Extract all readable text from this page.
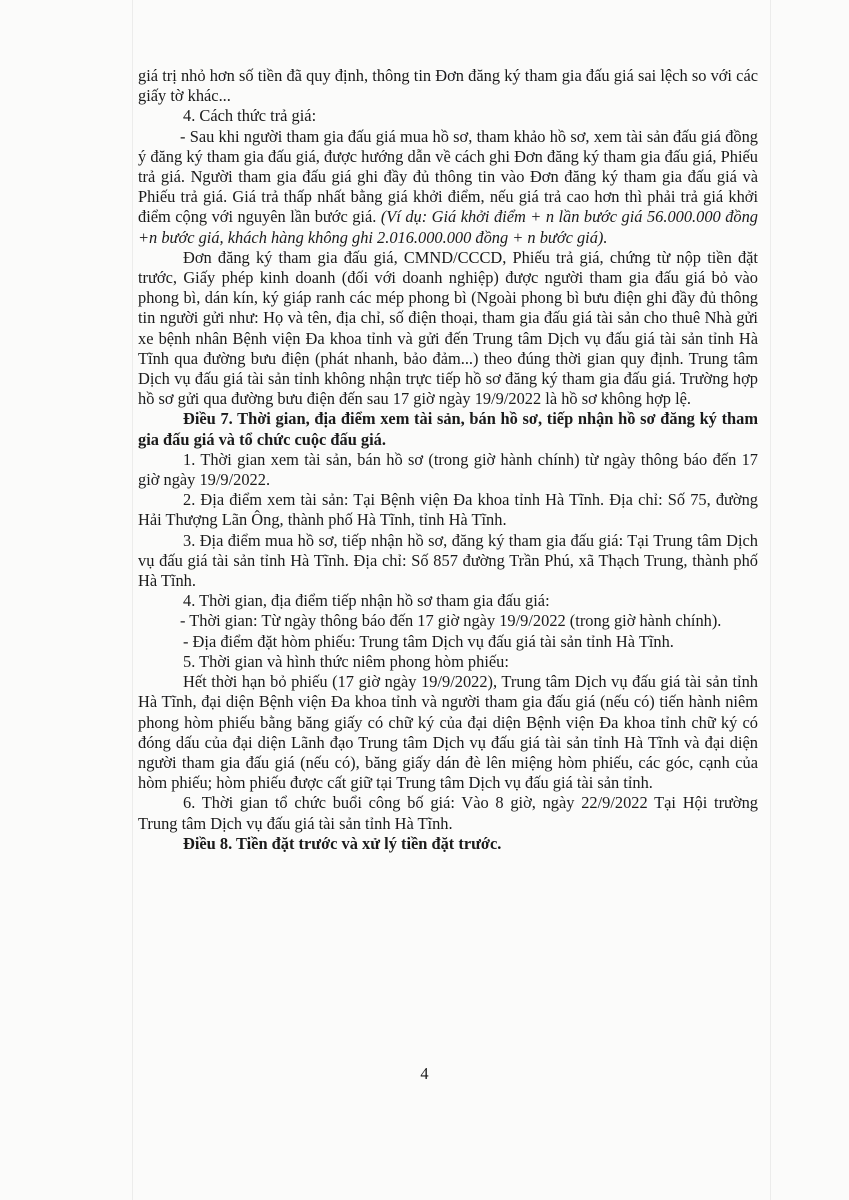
giá trị nhỏ hơn số tiền đã quy định, thông tin Đơn đăng ký tham gia đấu giá sai lệch so với các giấy tờ khác...

4. Cách thức trả giá:

- Sau khi người tham gia đấu giá mua hồ sơ, tham khảo hồ sơ, xem tài sản đấu giá đồng ý đăng ký tham gia đấu giá, được hướng dẫn về cách ghi Đơn đăng ký tham gia đấu giá, Phiếu trả giá. Người tham gia đấu giá ghi đầy đủ thông tin vào Đơn đăng ký tham gia đấu giá và Phiếu trả giá. Giá trả thấp nhất bằng giá khởi điểm, nếu giá trả cao hơn thì phải trả giá khởi điểm cộng với nguyên lần bước giá. (Ví dụ: Giá khởi điểm + n lần bước giá 56.000.000 đồng +n bước giá, khách hàng không ghi 2.016.000.000 đồng + n bước giá).

Đơn đăng ký tham gia đấu giá, CMND/CCCD, Phiếu trả giá, chứng từ nộp tiền đặt trước, Giấy phép kinh doanh (đối với doanh nghiệp) được người tham gia đấu giá bỏ vào phong bì, dán kín, ký giáp ranh các mép phong bì (Ngoài phong bì bưu điện ghi đầy đủ thông tin người gửi như: Họ và tên, địa chỉ, số điện thoại, tham gia đấu giá tài sản cho thuê Nhà gửi xe bệnh nhân Bệnh viện Đa khoa tỉnh và gửi đến Trung tâm Dịch vụ đấu giá tài sản tỉnh Hà Tĩnh qua đường bưu điện (phát nhanh, bảo đảm...) theo đúng thời gian quy định. Trung tâm Dịch vụ đấu giá tài sản tỉnh không nhận trực tiếp hồ sơ đăng ký tham gia đấu giá. Trường hợp hồ sơ gửi qua đường bưu điện đến sau 17 giờ ngày 19/9/2022 là hồ sơ không hợp lệ.

Điều 7. Thời gian, địa điểm xem tài sản, bán hồ sơ, tiếp nhận hồ sơ đăng ký tham gia đấu giá và tổ chức cuộc đấu giá.

1. Thời gian xem tài sản, bán hồ sơ (trong giờ hành chính) từ ngày thông báo đến 17 giờ ngày 19/9/2022.

2. Địa điểm xem tài sản: Tại Bệnh viện Đa khoa tỉnh Hà Tĩnh. Địa chỉ: Số 75, đường Hải Thượng Lãn Ông, thành phố Hà Tĩnh, tỉnh Hà Tĩnh.

3. Địa điểm mua hồ sơ, tiếp nhận hồ sơ, đăng ký tham gia đấu giá: Tại Trung tâm Dịch vụ đấu giá tài sản tỉnh Hà Tĩnh. Địa chỉ: Số 857 đường Trần Phú, xã Thạch Trung, thành phố Hà Tĩnh.

4. Thời gian, địa điểm tiếp nhận hồ sơ tham gia đấu giá:

- Thời gian: Từ ngày thông báo đến 17 giờ ngày 19/9/2022 (trong giờ hành chính).

- Địa điểm đặt hòm phiếu: Trung tâm Dịch vụ đấu giá tài sản tỉnh Hà Tĩnh.

5. Thời gian và hình thức niêm phong hòm phiếu:

Hết thời hạn bỏ phiếu (17 giờ ngày 19/9/2022), Trung tâm Dịch vụ đấu giá tài sản tỉnh Hà Tĩnh, đại diện Bệnh viện Đa khoa tỉnh và người tham gia đấu giá (nếu có) tiến hành niêm phong hòm phiếu bằng băng giấy có chữ ký của đại diện Bệnh viện Đa khoa tỉnh chữ ký có đóng dấu của đại diện Lãnh đạo Trung tâm Dịch vụ đấu giá tài sản tỉnh Hà Tĩnh và đại diện người tham gia đấu giá (nếu có), băng giấy dán đè lên miệng hòm phiếu, các góc, cạnh của hòm phiếu; hòm phiếu được cất giữ tại Trung tâm Dịch vụ đấu giá tài sản tỉnh.

6. Thời gian tổ chức buổi công bố giá: Vào 8 giờ, ngày 22/9/2022 Tại Hội trường Trung tâm Dịch vụ đấu giá tài sản tỉnh Hà Tĩnh.

Điều 8. Tiền đặt trước và xử lý tiền đặt trước.

4
